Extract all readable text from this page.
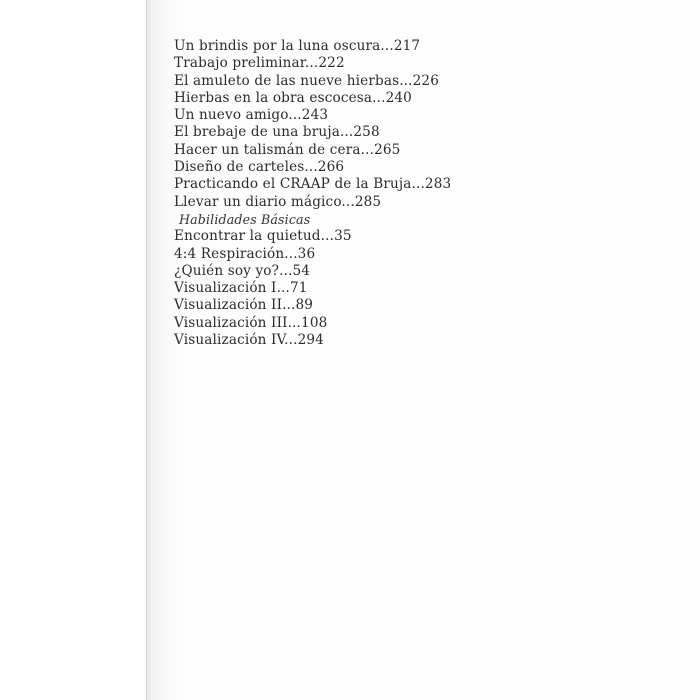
Un brindis por la luna oscura...217
Trabajo preliminar...222
El amuleto de las nueve hierbas...226
Hierbas en la obra escocesa...240
Un nuevo amigo...243
El brebaje de una bruja...258
Hacer un talismán de cera...265
Diseño de carteles...266
Practicando el CRAAP de la Bruja...283
Llevar un diario mágico...285
Habilidades Básicas
Encontrar la quietud...35
4:4 Respiración...36
¿Quién soy yo?...54
Visualización I...71
Visualización II...89
Visualización III...108
Visualización IV...294
